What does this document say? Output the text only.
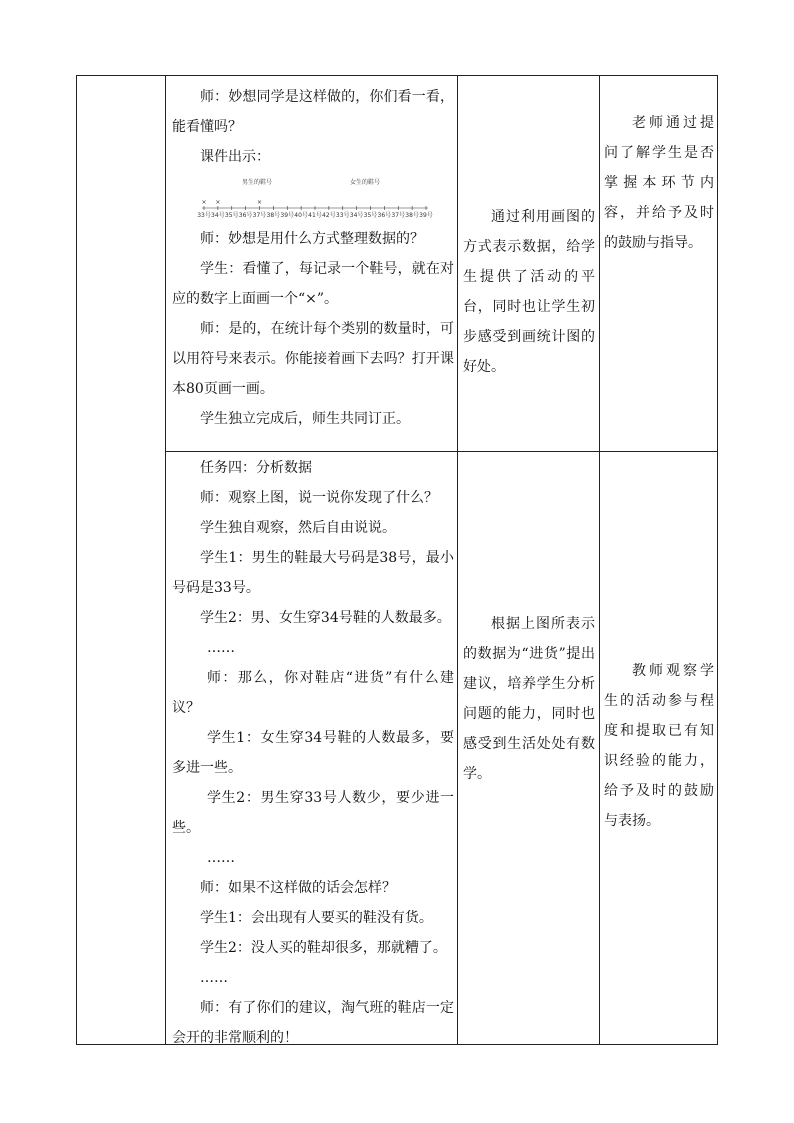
师：妙想同学是这样做的，你们看一看，能看懂吗？

课件出示：

男生的鞋号	女生的鞋号
33号 34号 35号 36号 37号 38号 39号 40号 41号 42号 33号 34号 35号 36号 37号 38号 39号
× ×	×

师：妙想是用什么方式整理数据的？

学生：看懂了，每记录一个鞋号，就在对应的数字上面画一个“×”。

师：是的，在统计每个类别的数量时，可以用符号来表示。你能接着画下去吗？打开课本80页画一画。

学生独立完成后，师生共同订正。

通过利用画图的方式表示数据，给学生提供了活动的平台，同时也让学生初步感受到画统计图的好处。

老师通过提问了解学生是否掌握本环节内容，并给予及时的鼓励与指导。

任务四：分析数据

师：观察上图，说一说你发现了什么？

学生独自观察，然后自由说说。

学生1：男生的鞋最大号码是38号，最小号码是33号。

学生2：男、女生穿34号鞋的人数最多。

……

师：那么，你对鞋店“进货”有什么建议？

学生1：女生穿34号鞋的人数最多，要多进一些。

学生2：男生穿33号人数少，要少进一些。

……

师：如果不这样做的话会怎样？

学生1：会出现有人要买的鞋没有货。

学生2：没人买的鞋却很多，那就糟了。

……

师：有了你们的建议，淘气班的鞋店一定会开的非常顺利的！

根据上图所表示的数据为“进货”提出建议，培养学生分析问题的能力，同时也感受到生活处处有数学。

教师观察学生的活动参与程度和提取已有知识经验的能力，给予及时的鼓励与表扬。
